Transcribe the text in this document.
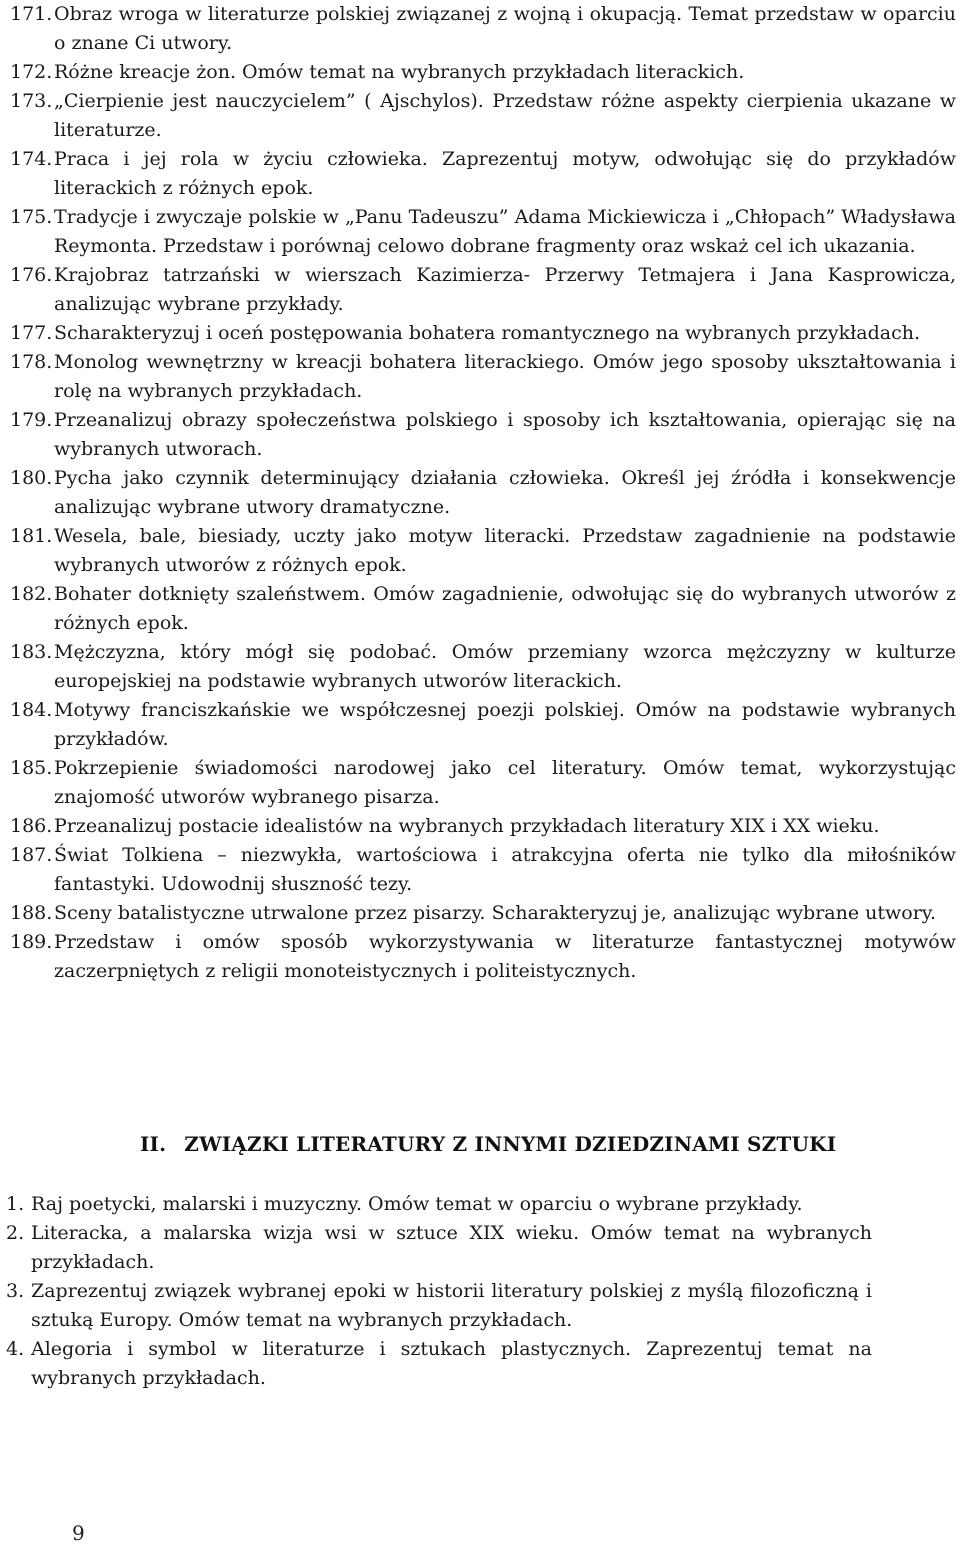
171. Obraz wroga w literaturze polskiej związanej z wojną i okupacją. Temat przedstaw w oparciu o znane Ci utwory.
172. Różne kreacje żon. Omów temat na wybranych przykładach literackich.
173. „Cierpienie jest nauczycielem” ( Ajschylos). Przedstaw różne aspekty cierpienia ukazane w literaturze.
174. Praca i jej rola w życiu człowieka. Zaprezentuj motyw, odwołując się do przykładów literackich z różnych epok.
175. Tradycje i zwyczaje polskie w „Panu Tadeuszu” Adama Mickiewicza i „Chłopach” Władysława Reymonta. Przedstaw i porównaj celowo dobrane fragmenty oraz wskaż cel ich ukazania.
176. Krajobraz tatrzański w wierszach Kazimierza- Przerwy Tetmajera i Jana Kasprowicza, analizując wybrane przykłady.
177. Scharakteryzuj i oceń postępowania bohatera romantycznego na wybranych przykładach.
178. Monolog wewnętrzny w kreacji bohatera literackiego. Omów jego sposoby ukształtowania i rolę na wybranych przykładach.
179. Przeanalizuj obrazy społeczeństwa polskiego i sposoby ich kształtowania, opierając się na wybranych utworach.
180. Pycha jako czynnik determinujący działania człowieka. Określ jej źródła i konsekwencje analizując wybrane utwory dramatyczne.
181. Wesela, bale, biesiady, uczty jako motyw literacki. Przedstaw zagadnienie na podstawie wybranych utworów z różnych epok.
182. Bohater dotknięty szaleństwem. Omów zagadnienie, odwołując się do wybranych utworów z różnych epok.
183. Mężczyzna, który mógł się podobać. Omów przemiany wzorca mężczyzny w kulturze europejskiej na podstawie wybranych utworów literackich.
184. Motywy franciszkańskie we współczesnej poezji polskiej. Omów na podstawie wybranych przykładów.
185. Pokrzepienie świadomości narodowej jako cel literatury. Omów temat, wykorzystując znajomość utworów wybranego pisarza.
186. Przeanalizuj postacie idealistów na wybranych przykładach literatury XIX i XX wieku.
187. Świat Tolkiena – niezwykła, wartościowa i atrakcyjna oferta nie tylko dla miłośników fantastyki. Udowodnij słuszność tezy.
188. Sceny batalistyczne utrwalone przez pisarzy. Scharakteryzuj je, analizując wybrane utwory.
189. Przedstaw i omów sposób wykorzystywania w literaturze fantastycznej motywów zaczerpniętych z religii monoteistycznych i politeistycznych.
II. ZWIĄZKI LITERATURY Z INNYMI DZIEDZINAMI SZTUKI
1. Raj poetycki, malarski i muzyczny. Omów temat w oparciu o wybrane przykłady.
2. Literacka, a malarska wizja wsi w sztuce XIX wieku. Omów temat na wybranych przykładach.
3. Zaprezentuj związek wybranej epoki w historii literatury polskiej z myślą filozoficzną i sztuką Europy. Omów temat na wybranych przykładach.
4. Alegoria i symbol w literaturze i sztukach plastycznych. Zaprezentuj temat na wybranych przykładach.
9
